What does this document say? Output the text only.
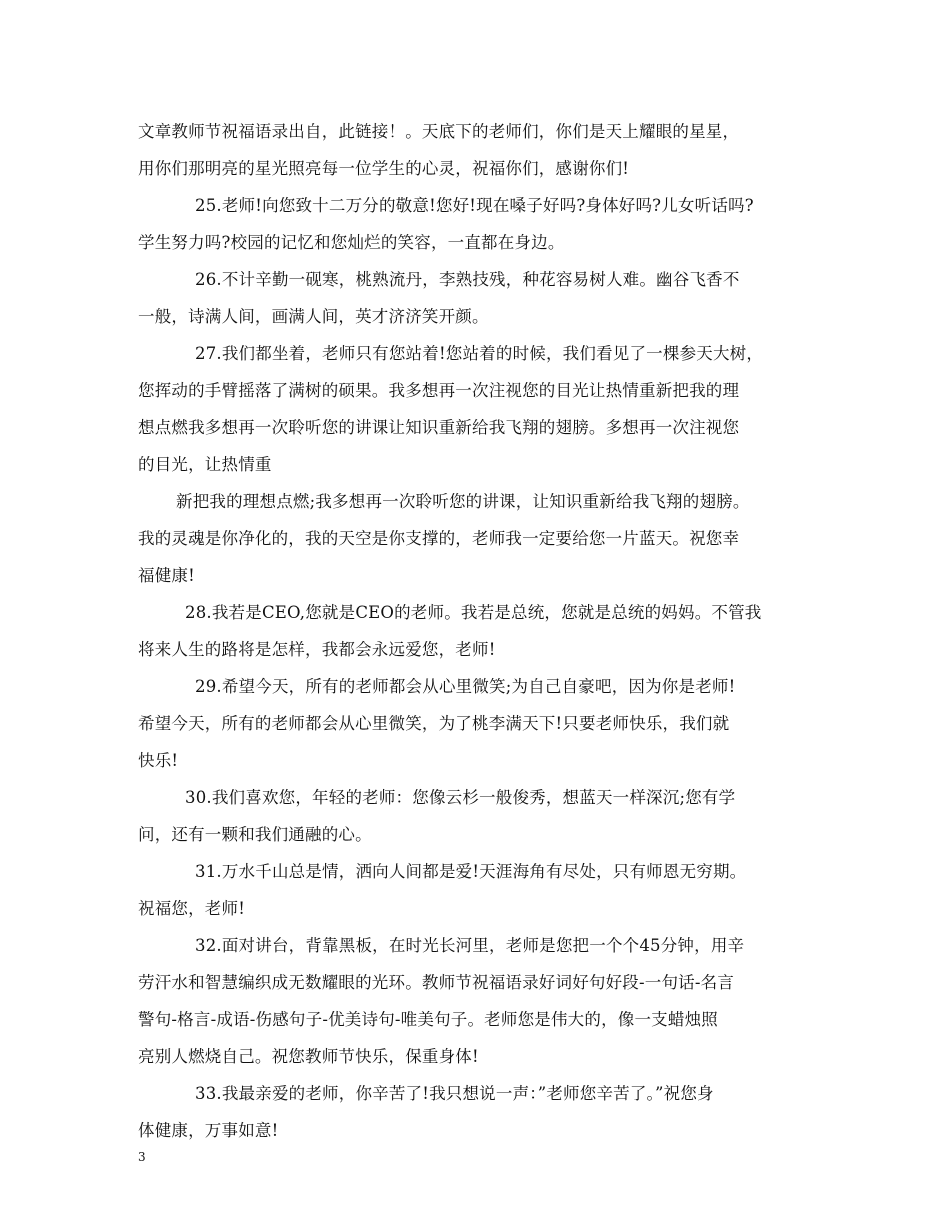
文章教师节祝福语录出自，此链接！。天底下的老师们，你们是天上耀眼的星星，
用你们那明亮的星光照亮每一位学生的心灵，祝福你们，感谢你们!
25.老师!向您致十二万分的敬意!您好!现在嗓子好吗?身体好吗?儿女听话吗?
学生努力吗?校园的记忆和您灿烂的笑容，一直都在身边。
26.不计辛勤一砚寒，桃熟流丹，李熟技残，种花容易树人难。幽谷飞香不
一般，诗满人间，画满人间，英才济济笑开颜。
27.我们都坐着，老师只有您站着!您站着的时候，我们看见了一棵参天大树，
您挥动的手臂摇落了满树的硕果。我多想再一次注视您的目光让热情重新把我的理
想点燃我多想再一次聆听您的讲课让知识重新给我飞翔的翅膀。多想再一次注视您
的目光，让热情重
新把我的理想点燃;我多想再一次聆听您的讲课，让知识重新给我飞翔的翅膀。
我的灵魂是你净化的，我的天空是你支撑的，老师我一定要给您一片蓝天。祝您幸
福健康!
28.我若是CEO,您就是CEO的老师。我若是总统，您就是总统的妈妈。不管我
将来人生的路将是怎样，我都会永远爱您，老师!
29.希望今天，所有的老师都会从心里微笑;为自己自豪吧，因为你是老师!
希望今天，所有的老师都会从心里微笑，为了桃李满天下!只要老师快乐，我们就
快乐!
30.我们喜欢您，年轻的老师：您像云杉一般俊秀，想蓝天一样深沉;您有学
问，还有一颗和我们通融的心。
31.万水千山总是情，洒向人间都是爱!天涯海角有尽处，只有师恩无穷期。
祝福您，老师!
32.面对讲台，背靠黑板，在时光长河里，老师是您把一个个45分钟，用辛
劳汗水和智慧编织成无数耀眼的光环。教师节祝福语录好词好句好段-一句话-名言
警句-格言-成语-伤感句子-优美诗句-唯美句子。老师您是伟大的，像一支蜡烛照
亮别人燃烧自己。祝您教师节快乐，保重身体!
33.我最亲爱的老师，你辛苦了!我只想说一声：”老师您辛苦了。”祝您身
体健康，万事如意!
3
